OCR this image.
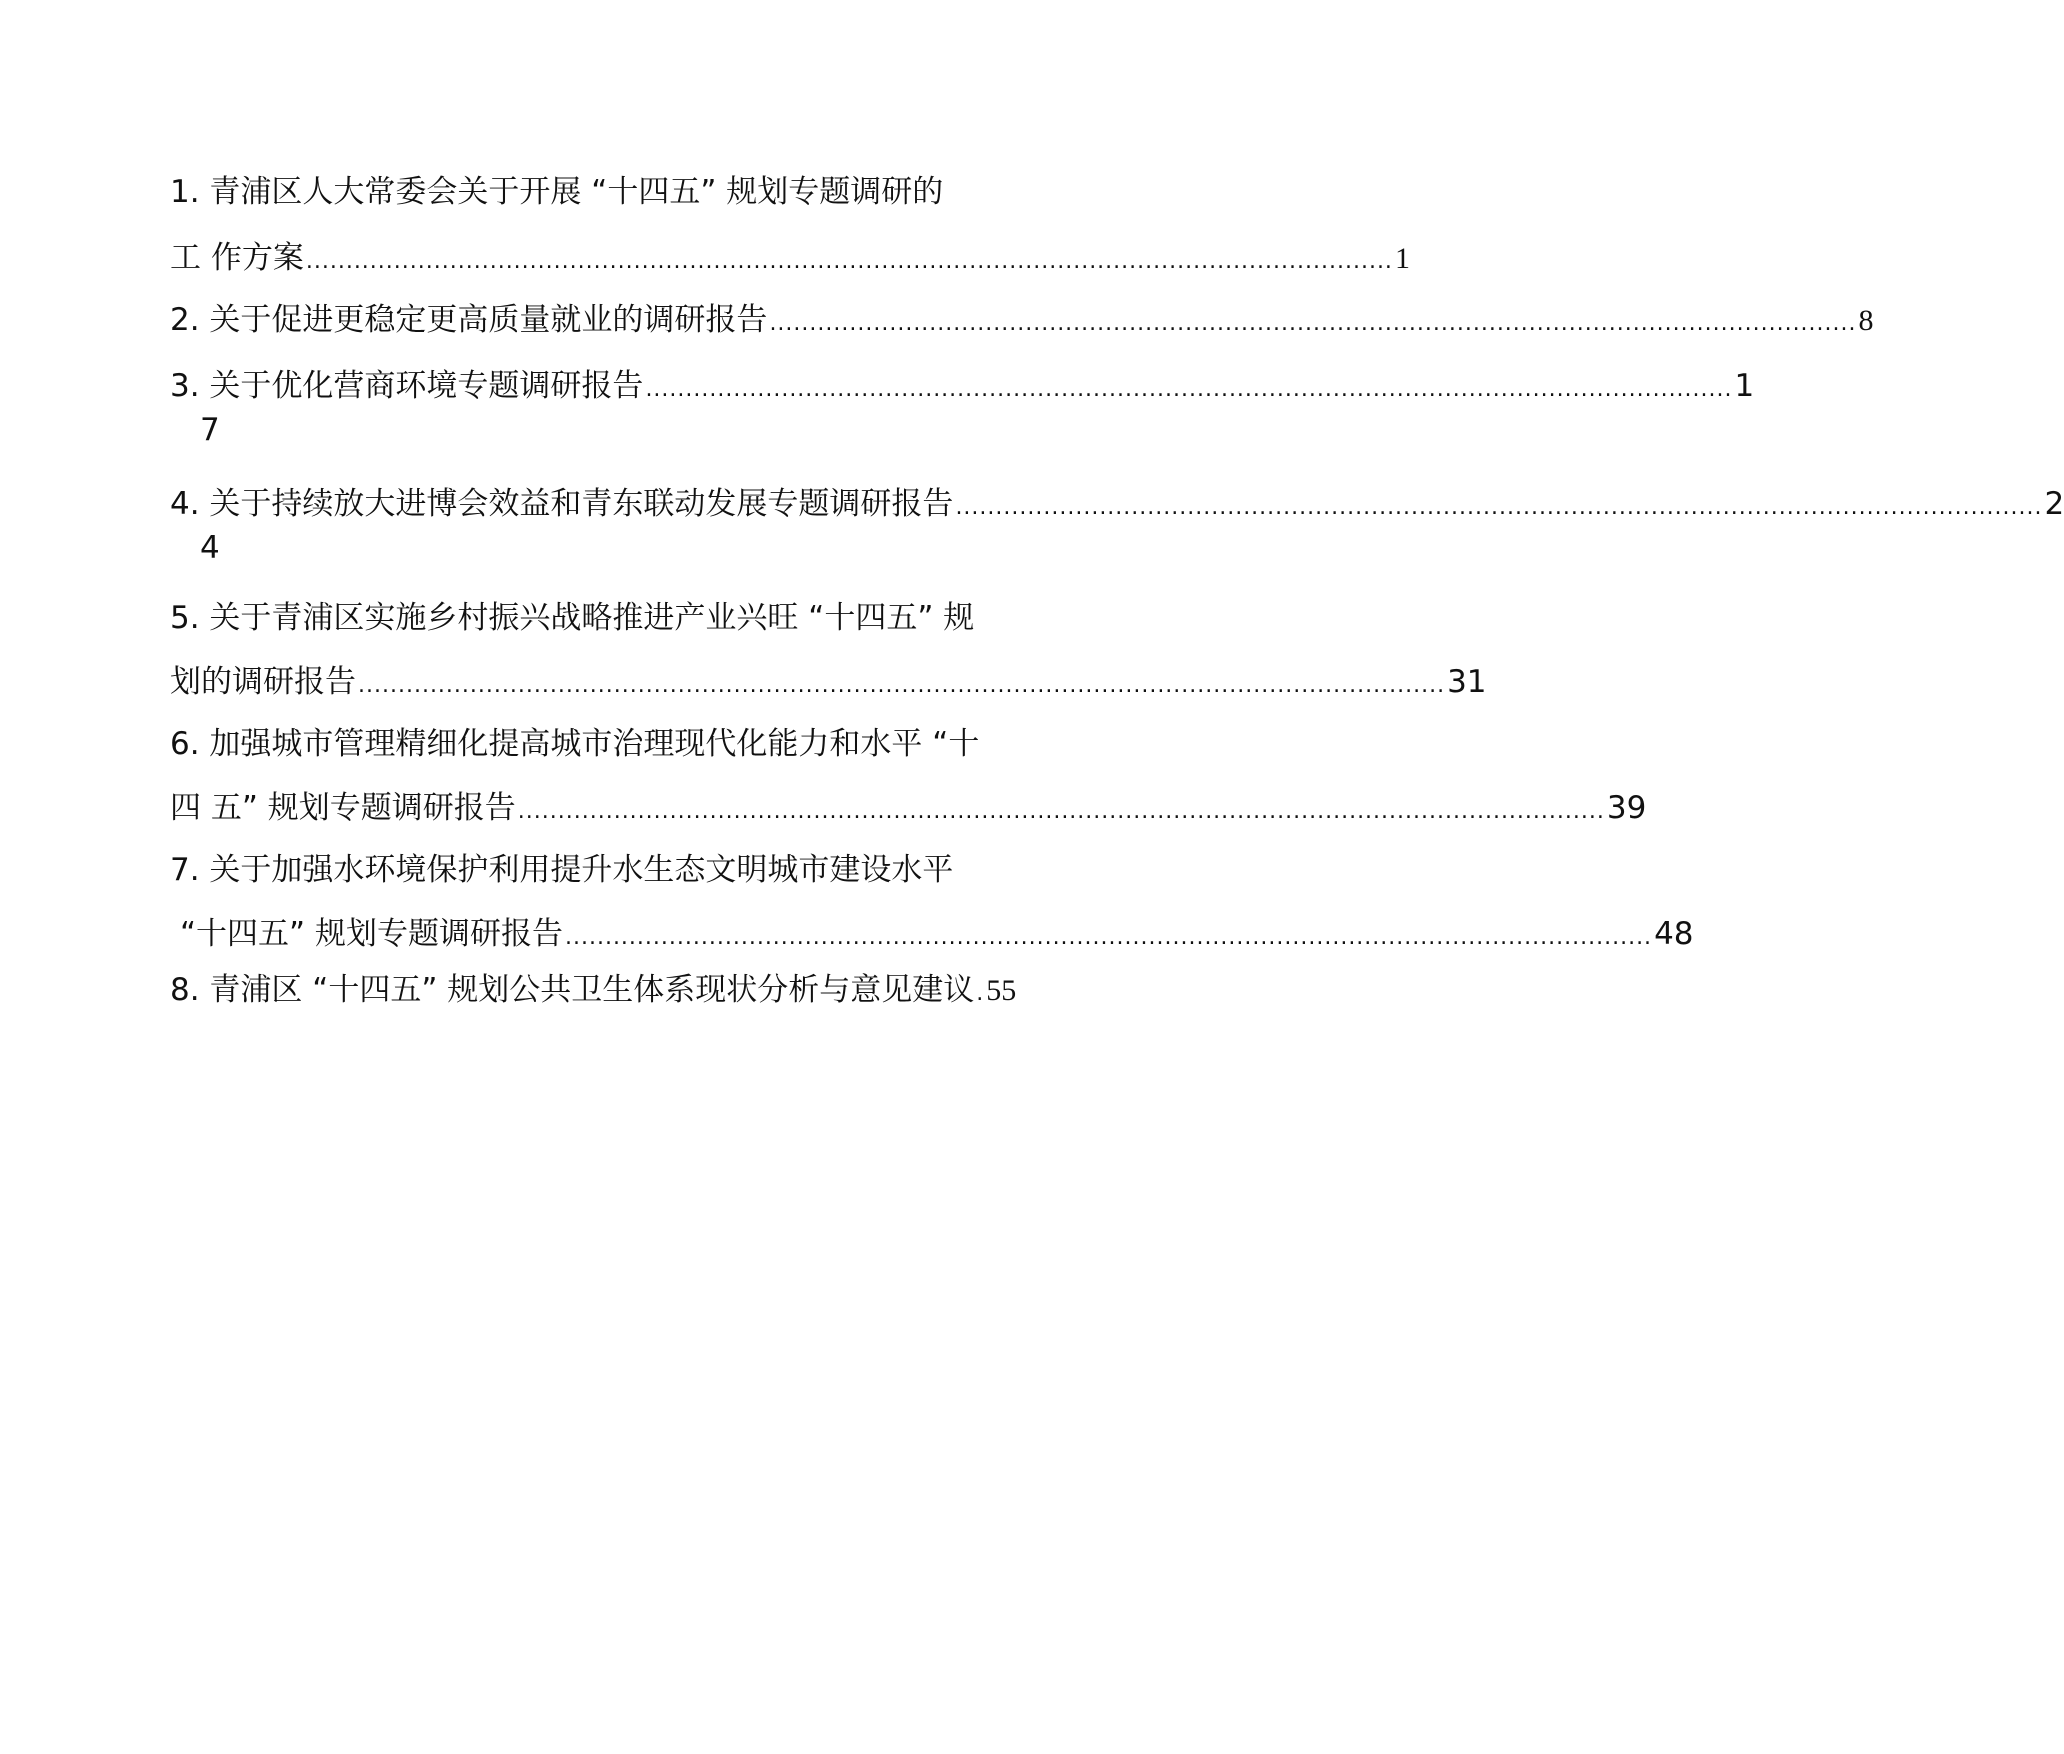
1. 青浦区人大常委会关于开展 “十四五” 规划专题调研的
工 作方案 ........................................................................................................................................ 1
2. 关于促进更稳定更高质量就业的调研报告 ........................................................................................................................................ 8
3. 关于优化营商环境专题调研报告 ........................................................................................................................................ 1
7
4. 关于持续放大进博会效益和青东联动发展专题调研报告 ........................................................................................................................................ 2
4
5. 关于青浦区实施乡村振兴战略推进产业兴旺 “十四五” 规
划的调研报告 ........................................................................................................................................ 31
6. 加强城市管理精细化提高城市治理现代化能力和水平 “十
四 五” 规划专题调研报告 ........................................................................................................................................ 39
7. 关于加强水环境保护利用提升水生态文明城市建设水平
“十四五” 规划专题调研报告 ........................................................................................................................................ 48
8. 青浦区 “十四五” 规划公共卫生体系现状分析与意见建议 . 55
